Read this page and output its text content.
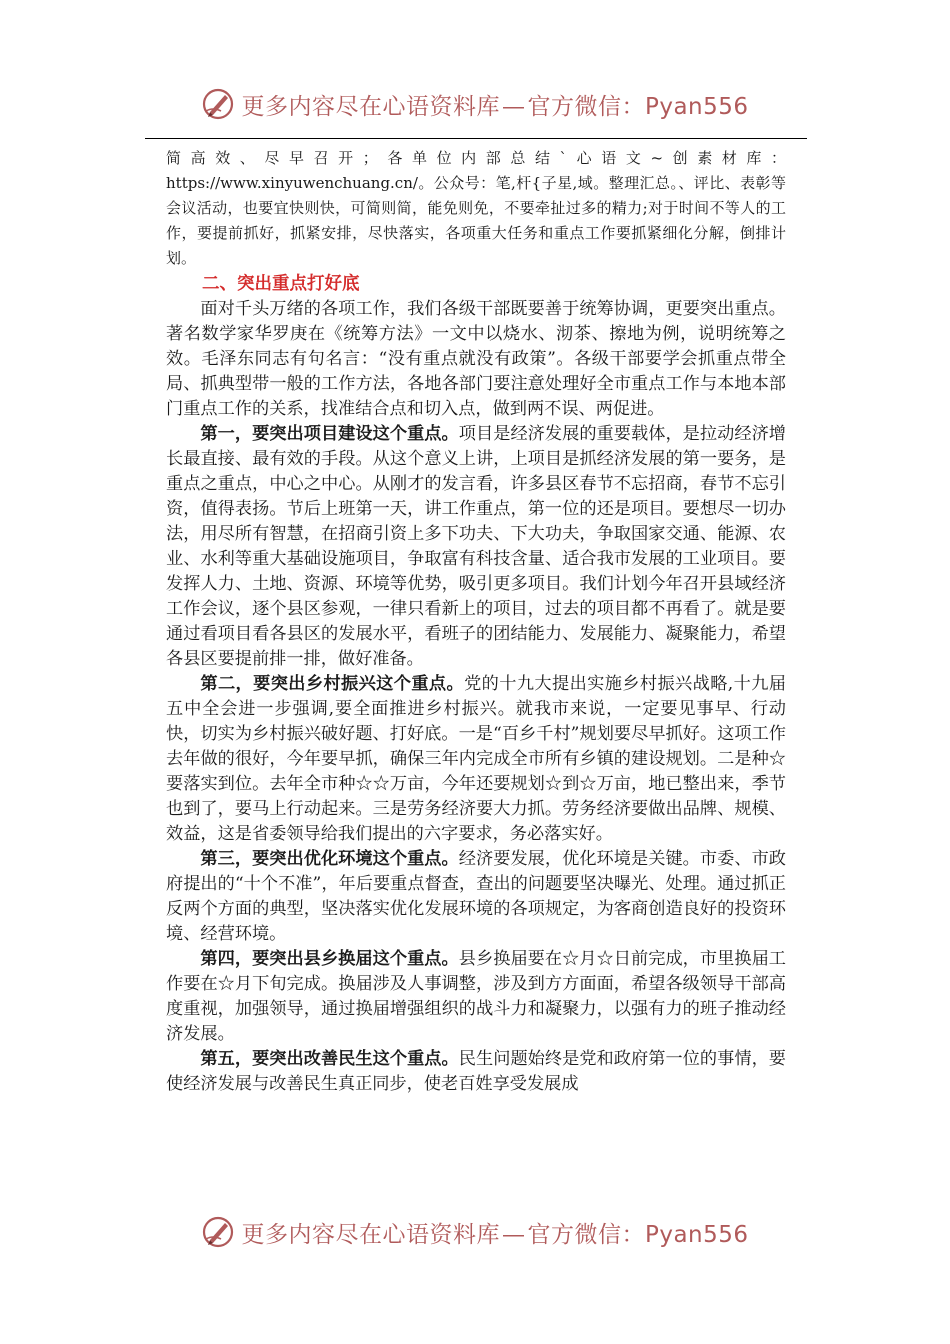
更多内容尽在心语资料库—官方微信：Pyan556

简高效、尽早召开；各单位内部总结`心语文~创素材库：https://www.xinyuwenchuang.cn/。公众号：笔,杆{子星,域。整理汇总。、评比、表彰等会议活动，也要宜快则快，可简则简，能免则免，不要牵扯过多的精力;对于时间不等人的工作，要提前抓好，抓紧安排，尽快落实，各项重大任务和重点工作要抓紧细化分解，倒排计划。

二、突出重点打好底

面对千头万绪的各项工作，我们各级干部既要善于统筹协调，更要突出重点。著名数学家华罗庚在《统筹方法》一文中以烧水、沏茶、擦地为例，说明统筹之效。毛泽东同志有句名言：“没有重点就没有政策”。各级干部要学会抓重点带全局、抓典型带一般的工作方法，各地各部门要注意处理好全市重点工作与本地本部门重点工作的关系，找准结合点和切入点，做到两不误、两促进。

第一，要突出项目建设这个重点。项目是经济发展的重要载体，是拉动经济增长最直接、最有效的手段。从这个意义上讲，上项目是抓经济发展的第一要务，是重点之重点，中心之中心。从刚才的发言看，许多县区春节不忘招商，春节不忘引资，值得表扬。节后上班第一天，讲工作重点，第一位的还是项目。要想尽一切办法，用尽所有智慧，在招商引资上多下功夫、下大功夫，争取国家交通、能源、农业、水利等重大基础设施项目，争取富有科技含量、适合我市发展的工业项目。要发挥人力、土地、资源、环境等优势，吸引更多项目。我们计划今年召开县域经济工作会议，逐个县区参观，一律只看新上的项目，过去的项目都不再看了。就是要通过看项目看各县区的发展水平，看班子的团结能力、发展能力、凝聚能力，希望各县区要提前排一排，做好准备。

第二，要突出乡村振兴这个重点。党的十九大提出实施乡村振兴战略,十九届五中全会进一步强调,要全面推进乡村振兴。就我市来说，一定要见事早、行动快，切实为乡村振兴破好题、打好底。一是“百乡千村”规划要尽早抓好。这项工作去年做的很好，今年要早抓，确保三年内完成全市所有乡镇的建设规划。二是种☆要落实到位。去年全市种☆☆万亩，今年还要规划☆到☆万亩，地已整出来，季节也到了，要马上行动起来。三是劳务经济要大力抓。劳务经济要做出品牌、规模、效益，这是省委领导给我们提出的六字要求，务必落实好。

第三，要突出优化环境这个重点。经济要发展，优化环境是关键。市委、市政府提出的“十个不准”，年后要重点督查，查出的问题要坚决曝光、处理。通过抓正反两个方面的典型，坚决落实优化发展环境的各项规定，为客商创造良好的投资环境、经营环境。

第四，要突出县乡换届这个重点。县乡换届要在☆月☆日前完成，市里换届工作要在☆月下旬完成。换届涉及人事调整，涉及到方方面面，希望各级领导干部高度重视，加强领导，通过换届增强组织的战斗力和凝聚力，以强有力的班子推动经济发展。

第五，要突出改善民生这个重点。民生问题始终是党和政府第一位的事情，要使经济发展与改善民生真正同步，使老百姓享受发展成

更多内容尽在心语资料库—官方微信：Pyan556
